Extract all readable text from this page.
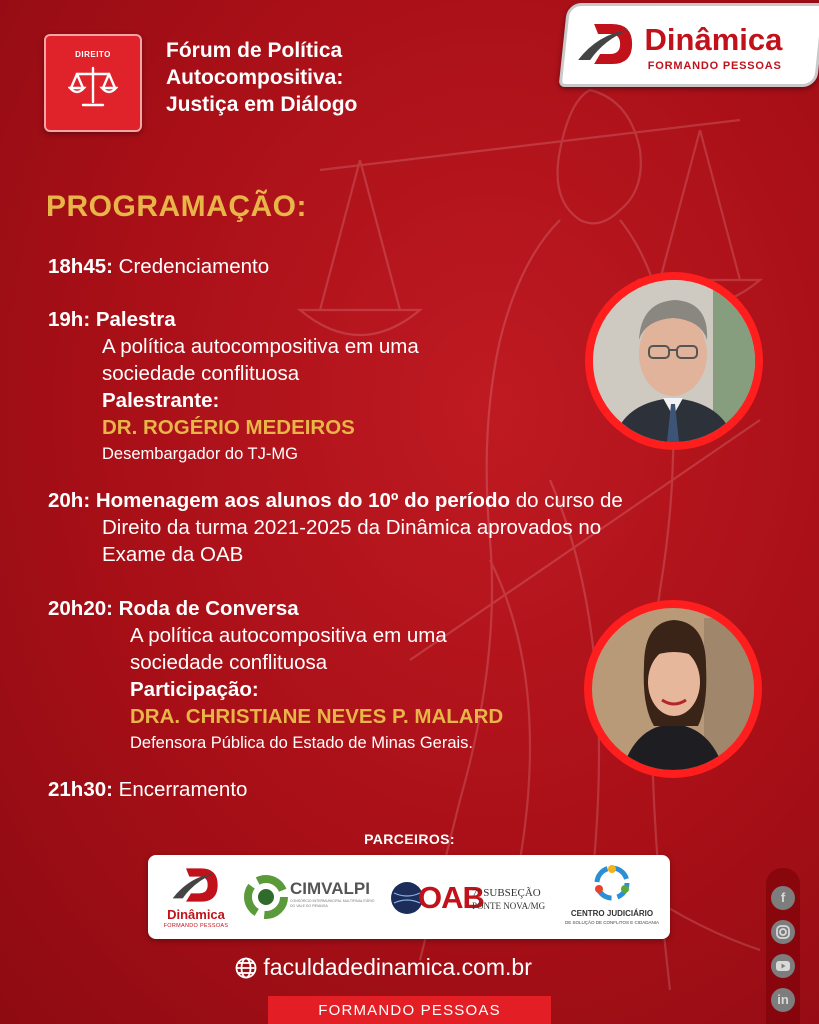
DIREITO	Fórum de Política
Autocompositiva:
Justiça em Diálogo
Dinâmica
FORMANDO PESSOAS
PROGRAMAÇÃO:
18h45: Credenciamento
19h: Palestra
A política autocompositiva em uma
sociedade conflituosa
Palestrante:
DR. ROGÉRIO MEDEIROS
Desembargador do TJ-MG
20h: Homenagem aos alunos do 10º do período do curso de
Direito da turma 2021-2025 da Dinâmica aprovados no
Exame da OAB
20h20: Roda de Conversa
A política autocompositiva em uma
sociedade conflituosa
Participação:
DRA. CHRISTIANE NEVES P. MALARD
Defensora Pública do Estado de Minas Gerais.
21h30: Encerramento
PARCEIROS:
Dinâmica
FORMANDO PESSOAS
CIMVALPI
CONSÓRCIO INTERMUNICIPAL MULTIFINALITÁRIO DO VALE DO PIRANGA	OAB
7ª SUBSEÇÃO
PONTE NOVA/MG
CENTRO JUDICIÁRIO
DE SOLUÇÃO DE CONFLITOS E CIDADANIA
faculdadedinamica.com.br
FORMANDO PESSOAS
f
in
